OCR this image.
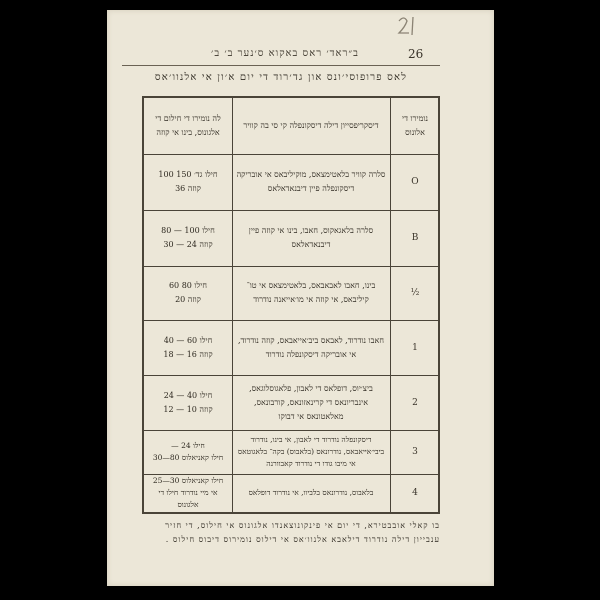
26
ב״ראד׳ ראס באקוא ס׳נער ב׳ ב׳
לאס פרופוסי׳ונס און גד׳רוד די יום א׳ון אי אלנוו׳אס
נומירו די אלונוס
דיסקריפסייון דילה דיסקונפלה קי סי בה קוויר
לה נומירו די חילום די אלגונוס, בינו אי קוזה
O
סלרה קוויר בלאטימצאס, מוקיליבאס אי אובריקה דיסקונפלה פיין דיבנאדאלאס
חילו גד׳ 150 100
קוזה 36
B
סלרה בלאגאקוס, חאבו, בינו אי קוזה פיין דיבנאדאלאס
חילו 100 — 80
קוזה 24 — 30
½
בינו, חאבו לאבאבאס, בלאטימצאס אי טו־ קיליבאס, אי קוזה אי מו׳אייאנה נודרוד
חילו 80 60
קוזה 20
1
חאבו נודרוד, לאבאס ביב׳אייאבאס, קוזה נודרוד, אי אובריקה דיסקונפלה נודרוד
חילו 60 — 40
קוזה 16 — 18
2
ביצ׳יוס, דופלאס די לאבון, פלאגוסלוגאס, אינבריונאס די קרינאזונאס, קורבונאס, מאלאטונאס אי דבוקו
חילו 40 — 24
קוזה 10 — 12
3
דיסקונפלה נודרוד די לאבון, אי בינו, נודרוד ביבי׳אייאבאס, נודרונאס (בלאבוס) בקה־ בלאגוטאס אי מיבו גודו די נודרוד קאבוורנה
חילו 24 —
חילו קאניאלוס 80—30
4
בלאבוס, נודרונאס בלביוו, אי נודרוד דופלאס
חילו קאניאלוס 30—25
אי מיי נודרוד חילו די אלגונוס
בו קאלי אובבטירא, די יום אי פינקונוצאנדו אלגונוס אי חילוס, די חזיר
ענבייון דילה נודרוד דילאבא אלנוו׳אס אי דילוס נומירוס דיבוס חילוס .
